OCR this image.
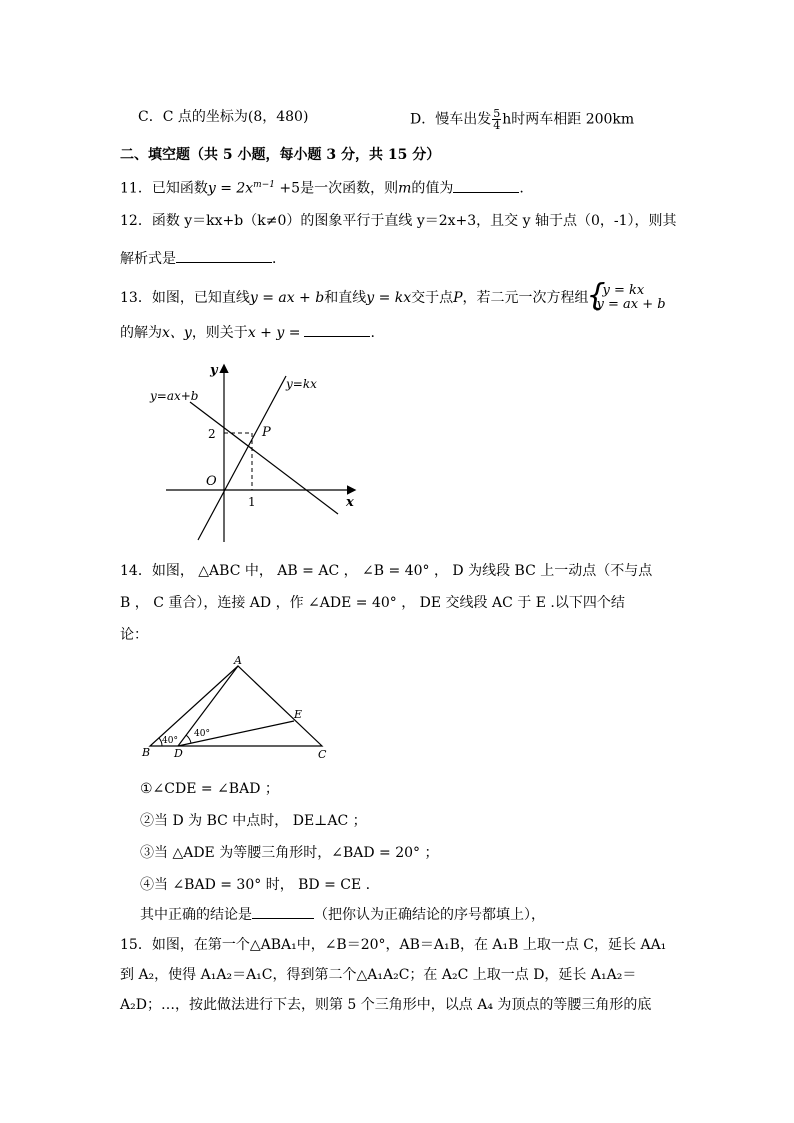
C．C 点的坐标为(8，480)	D．慢车出发 $\frac{5}{4}$ h时两车相距 200km
二、填空题（共 5 小题，每小题 3 分，共 15 分）
11．已知函数$y = 2x^{m-1} +5$是一次函数，则m的值为	.
12．函数 y＝kx+b（k≠0）的图象平行于直线 y＝2x+3，且交 y 轴于点（0，-1），则其
解析式是	．
13．如图，已知直线y = ax + b和直线y = kx交于点P，若二元一次方程组
{	y = kx
y = ax + b
的解为x、y，则关于x + y =	.
y
x
O
y=ax+b
y=kx
P
2
1
14．如图， △ABC 中， AB = AC ， ∠B = 40° ， D 为线段 BC 上一动点（不与点
B ， C 重合），连接 AD ，作 ∠ADE = 40° ， DE 交线段 AC 于 E .以下四个结
论：
A
B	C
D
E
40°
40°
①∠CDE = ∠BAD ；
②当 D 为 BC 中点时， DE⊥AC ；
③当 △ADE 为等腰三角形时，∠BAD = 20° ；
④当 ∠BAD = 30° 时， BD = CE .
其中正确的结论是	（把你认为正确结论的序号都填上），
15．如图，在第一个△ABA₁中，∠B＝20°，AB＝A₁B，在 A₁B 上取一点 C，延长 AA₁
到 A₂，使得 A₁A₂＝A₁C，得到第二个△A₁A₂C；在 A₂C 上取一点 D，延长 A₁A₂＝
A₂D；…，按此做法进行下去，则第 5 个三角形中，以点 A₄ 为顶点的等腰三角形的底
